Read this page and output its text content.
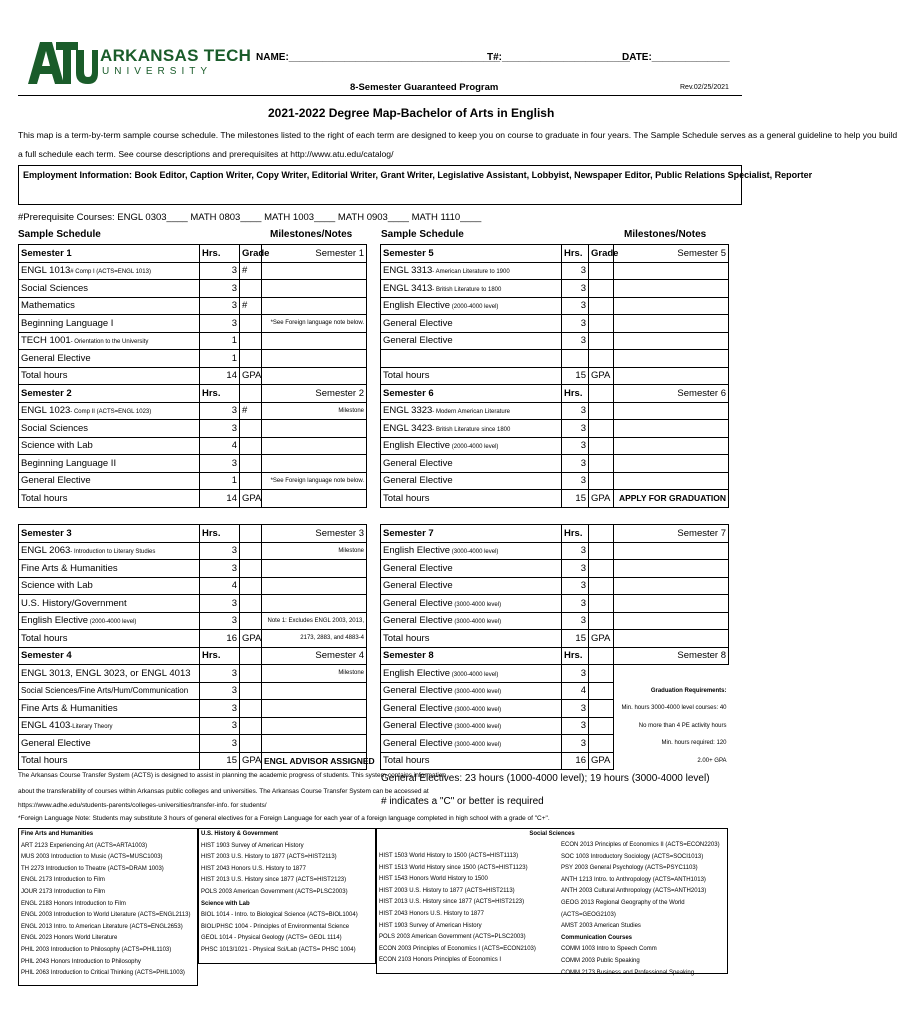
ARKANSAS TECH
UNIVERSITY
NAME:______________________________________
T#:_______________________
DATE:______________
8-Semester Guaranteed Program	Rev.02/25/2021
2021-2022 Degree Map-Bachelor of Arts in English
This map is a term-by-term sample course schedule. The milestones listed to the right of each term are designed to keep you on course to graduate in four years. The Sample Schedule serves as a general guideline to help you build
a full schedule each term. See course descriptions and prerequisites at http://www.atu.edu/catalog/
Employment Information: Book Editor, Caption Writer, Copy Writer, Editorial Writer, Grant Writer, Legislative Assistant, Lobbyist, Newspaper Editor, Public Relations Specialist, Reporter
#Prerequisite Courses: ENGL 0303____ MATH 0803____ MATH 1003____ MATH 0903____ MATH 1110____
Sample Schedule	Milestones/Notes	Sample Schedule	Milestones/Notes
Semester 1	Hrs.	Grade	Semester 1
ENGL 1013# Comp I (ACTS=ENGL 1013)	3	#	
Social Sciences	3		
Mathematics	3	#	
Beginning Language I	3		*See Foreign language note below.
TECH 1001- Orientation to the University	1		
General Elective	1		
Total hours	14	GPA	
Semester 2	Hrs.		Semester 2
ENGL 1023- Comp II (ACTS=ENGL 1023)	3	#	Milestone
Social Sciences	3		
Science with Lab	4		
Beginning Language II	3		
General Elective	1		*See Foreign language note below.
Total hours	14	GPA	

Semester 3	Hrs.		Semester 3
ENGL 2063- Introduction to Literary Studies	3		Milestone
Fine Arts & Humanities	3		
Science with Lab	4		
U.S. History/Government	3		
English Elective (2000-4000 level)	3		Note 1: Excludes ENGL 2003, 2013,
Total hours	16	GPA	2173, 2883, and 4883-4
Semester 4	Hrs.		Semester 4
ENGL 3013, ENGL 3023, or ENGL 4013	3		Milestone
Social Sciences/Fine Arts/Hum/Communication	3		
Fine Arts & Humanities	3		
ENGL 4103-Literary Theory	3		
General Elective	3		
Total hours	15	GPA	ENGL ADVISOR ASSIGNED
Semester 5	Hrs.	Grade	Semester 5
ENGL 3313- American Literature to 1900	3		
ENGL 3413- British Literature to 1800	3		
English Elective (2000-4000 level)	3		
General Elective	3		
General Elective	3		

Total hours	15	GPA	
Semester 6	Hrs.		Semester 6
ENGL 3323- Modern American Literature	3		
ENGL 3423- British Literature since 1800	3		
English Elective (2000-4000 level)	3		
General Elective	3		
General Elective	3		
Total hours	15	GPA	APPLY FOR GRADUATION

Semester 7	Hrs.		Semester 7
English Elective (3000-4000 level)	3		
General Elective	3		
General Elective	3		
General Elective (3000-4000 level)	3		
General Elective (3000-4000 level)	3		
Total hours	15	GPA	
Semester 8	Hrs.		Semester 8
English Elective (3000-4000 level)	3		
General Elective (3000-4000 level)	4		Graduation Requirements:
General Elective (3000-4000 level)	3		Min. hours 3000-4000 level courses: 40
General Elective (3000-4000 level)	3		No more than 4 PE activity hours
General Elective (3000-4000 level)	3		Min. hours required: 120
Total hours	16	GPA	2.00+ GPA
The Arkansas Course Transfer System (ACTS) is designed to assist in planning the academic progress of students. This system contains information
about the transferability of courses within Arkansas public colleges and universities. The Arkansas Course Transfer System can be accessed at
https://www.adhe.edu/students-parents/colleges-universities/transfer-info. for students/
General Electives: 23 hours (1000-4000 level); 19 hours (3000-4000 level)
# indicates a "C" or better is required
*Foreign Language Note: Students may substitute 3 hours of general electives for a Foreign Language for each year of a foreign language completed in high school with a grade of "C+".
Fine Arts and Humanities
ART 2123 Experiencing Art (ACTS=ARTA1003)
MUS 2003 Introduction to Music (ACTS=MUSC1003)
TH 2273 Introduction to Theatre (ACTS=DRAM 1003)
ENGL 2173 Introduction to Film
JOUR 2173 Introduction to Film
ENGL 2183 Honors Introduction to Film
ENGL 2003 Introduction to World Literature (ACTS=ENGL2113)
ENGL 2013 Intro. to American Literature (ACTS=ENGL2653)
ENGL 2023 Honors World Literature
PHIL 2003 Introduction to Philosophy (ACTS=PHIL1103)
PHIL 2043 Honors Introduction to Philosophy
PHIL 2063 Introduction to Critical Thinking (ACTS=PHIL1003)
U.S. History & Government
HIST 1903 Survey of American History
HIST 2003 U.S. History to 1877 (ACTS=HIST2113)
HIST 2043 Honors U.S. History to 1877
HIST 2013 U.S. History since 1877 (ACTS=HIST2123)
POLS 2003 American Government (ACTS=PLSC2003)
Science with Lab
BIOL 1014 - Intro. to Biological Science (ACTS=BIOL1004)
BIOL/PHSC 1004 - Principles of Environmental Science
GEOL 1014 - Physical Geology (ACTS= GEOL 1114)
PHSC 1013/1021 - Physical Sci/Lab (ACTS= PHSC 1004)
Social Sciences
HIST 1503 World History to 1500 (ACTS=HIST1113)
HIST 1513 World History since 1500 (ACTS=HIST1123)
HIST 1543 Honors World History to 1500
HIST 2003 U.S. History to 1877 (ACTS=HIST2113)
HIST 2013 U.S. History since 1877 (ACTS=HIST2123)
HIST 2043 Honors U.S. History to 1877
HIST 1903 Survey of American History
POLS 2003 American Government (ACTS=PLSC2003)
ECON 2003 Principles of Economics I (ACTS=ECON2103)
ECON 2103 Honors Principles of Economics I
ECON 2013 Principles of Economics II (ACTS=ECON2203)
SOC 1003 Introductory Sociology (ACTS=SOCI1013)
PSY 2003 General Psychology (ACTS=PSYC1103)
ANTH 1213 Intro. to Anthropology (ACTS=ANTH1013)
ANTH 2003 Cultural Anthropology (ACTS=ANTH2013)
GEOG 2013 Regional Geography of the World (ACTS=GEOG2103)
AMST 2003 American Studies
Communication Courses
COMM 1003 Intro to Speech Comm
COMM 2003 Public Speaking
COMM 2173 Business and Professional Speaking
